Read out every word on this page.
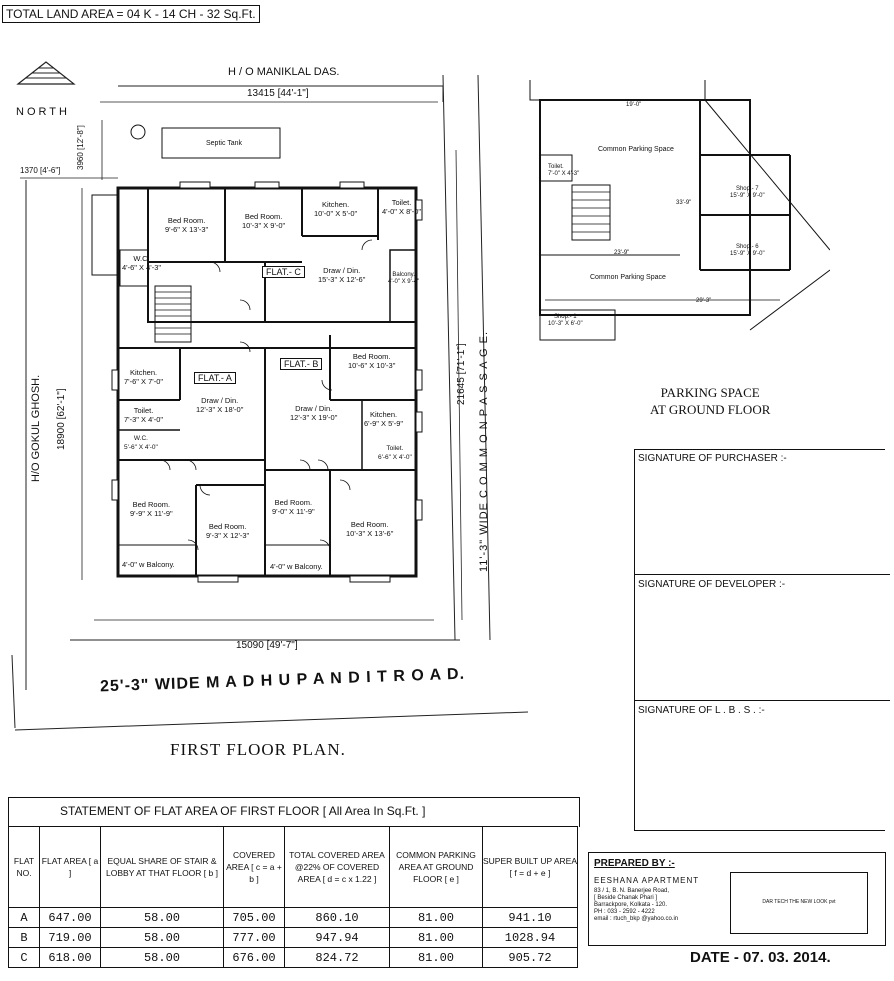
TOTAL LAND AREA = 04 K - 14 CH - 32 Sq.Ft.
NORTH
H / O MANIKLAL DAS.
13415 [44'-1"]
3960 [12'-8"]
1370 [4'-6"]
Septic Tank
H/O GOKUL GHOSH. 18900 [62'-1"]
21645 [71'-1"] 11'-3" WIDE C O M M O N P A S S A G E.
15090 [49'-7"]
25'-3" WIDE M A D H U P A N D I T R O A D.
FIRST FLOOR PLAN.
FLAT.- A
FLAT.- B
FLAT.- C
Bed Room.
9'-6" X 13'-3"
Bed Room.
10'-3" X 9'-0"
Kitchen.
10'-0" X 5'-0"
Toilet.
4'-0" X 8'-0"
Draw / Din.
15'-3" X 12'-6"	Balcony.
4'-0" X 9'-4"
W.C.
4'-6" X 4'-3"
Kitchen.
7'-6" X 7'-0"
Draw / Din.
12'-3" X 18'-0"
Toilet.
7'-3" X 4'-0"
W.C.
5'-6" X 4'-0"
Draw / Din.
12'-3" X 19'-0"
Bed Room.
10'-6" X 10'-3"
Kitchen.
6'-9" X 5'-9"
Toilet.
6'-6" X 4'-0"
Bed Room.
9'-9" X 11'-9"
Bed Room.
9'-3" X 12'-3"
Bed Room.
9'-0" X 11'-9"
Bed Room.
10'-3" X 13'-6"
4'-0" w Balcony.	4'-0" w Balcony.
Common Parking Space
Common Parking Space
Toilet.
7'-0" X 4'-3"
Shop.- 7
15'-9" X 9'-0"
Shop.- 6
15'-9" X 9'-0"
Shop.- 1
10'-3" X 6'-0"
19'-0"
33'-9"
23'-9"
29'-3"
PARKING SPACE
AT GROUND FLOOR
SIGNATURE OF PURCHASER :-
SIGNATURE OF DEVELOPER :-
SIGNATURE OF L . B . S . :-
STATEMENT OF FLAT AREA OF FIRST FLOOR [ All Area In Sq.Ft. ]
FLAT NO.	FLAT AREA [ a ]	EQUAL SHARE OF STAIR & LOBBY AT THAT FLOOR [ b ]	COVERED AREA [ c = a + b ]	TOTAL COVERED AREA @22% OF COVERED AREA [ d = c x 1.22 ]	COMMON PARKING AREA AT GROUND FLOOR [ e ]	SUPER BUILT UP AREA [ f = d + e ]
A	647.00	58.00	705.00	860.10	81.00	941.10
B	719.00	58.00	777.00	947.94	81.00	1028.94
C	618.00	58.00	676.00	824.72	81.00	905.72
PREPARED BY :-
EESHANA APARTMENT
83 / 1, B. N. Banerjee Road,
[ Beside Chanak Phari ]
Barrackpore, Kolkata - 120.
PH : 033 - 2592 - 4222
email : rtuch_bkp @yahoo.co.in
DAR TECH THE NEW LOOK pvt
DATE - 07. 03. 2014.
